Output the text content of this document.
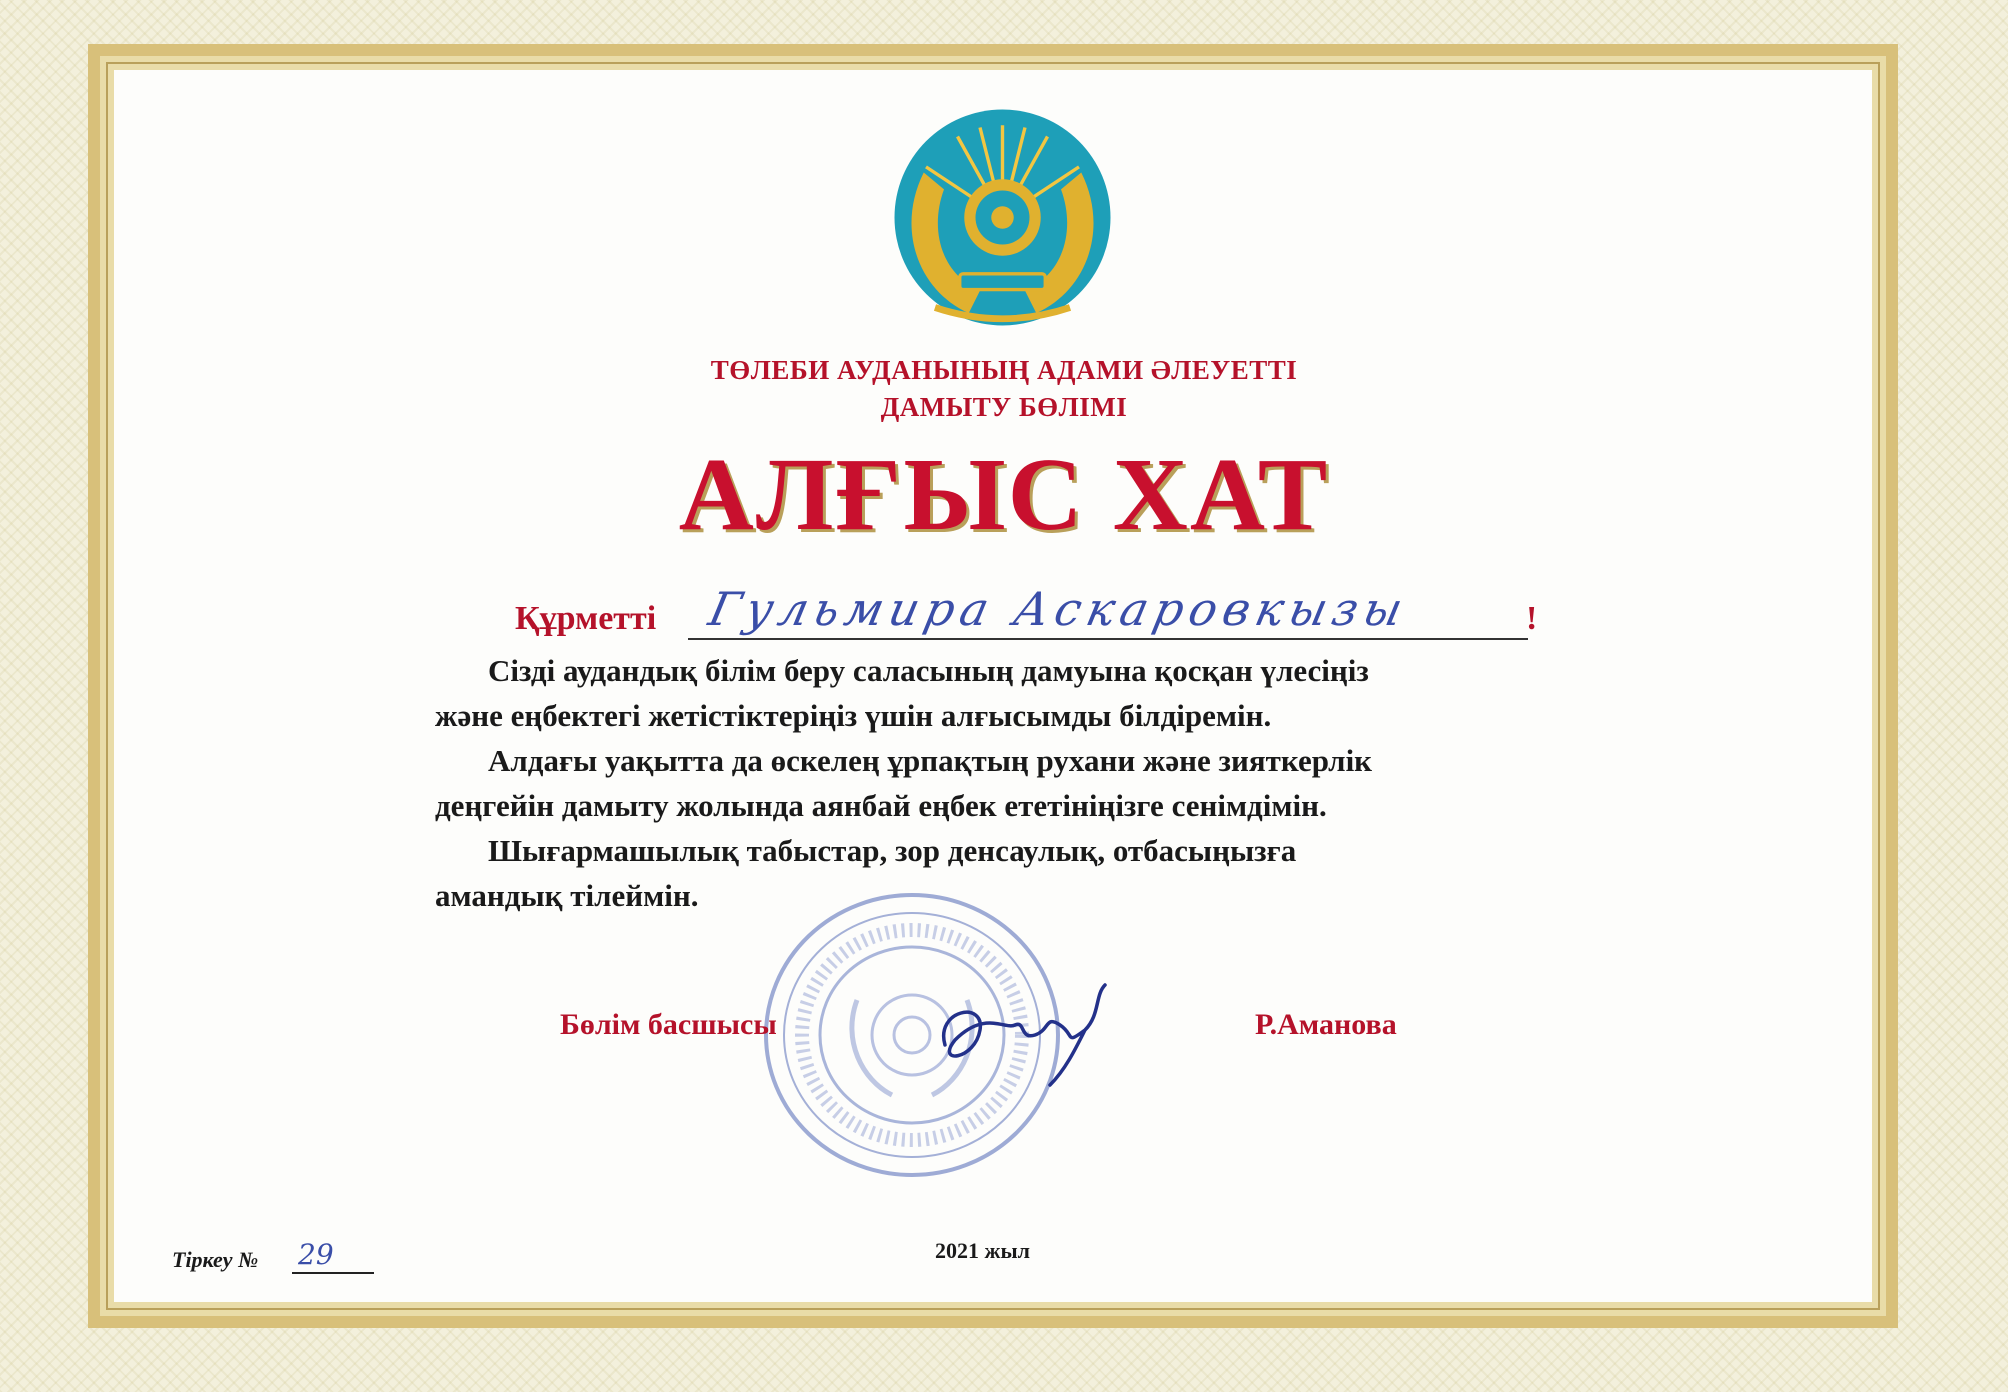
ТӨЛЕБИ АУДАНЫНЫҢ АДАМИ ӘЛЕУЕТТІ
ДАМЫТУ БӨЛІМІ
АЛҒЫС ХАТ
Құрметті Гульмира Аскаровкызы	!
Сізді аудандық білім беру саласының дамуына қосқан үлесіңіз
және еңбектегі жетістіктеріңіз үшін алғысымды білдіремін.
Алдағы уақытта да өскелең ұрпақтың рухани және зияткерлік
деңгейін дамыту жолында аянбай еңбек ететініңізге сенімдімін.
Шығармашылық табыстар, зор денсаулық, отбасыңызға
амандық тілеймін.
Бөлім басшысы	Р.Аманова
Тіркеу № 29	2021 жыл
